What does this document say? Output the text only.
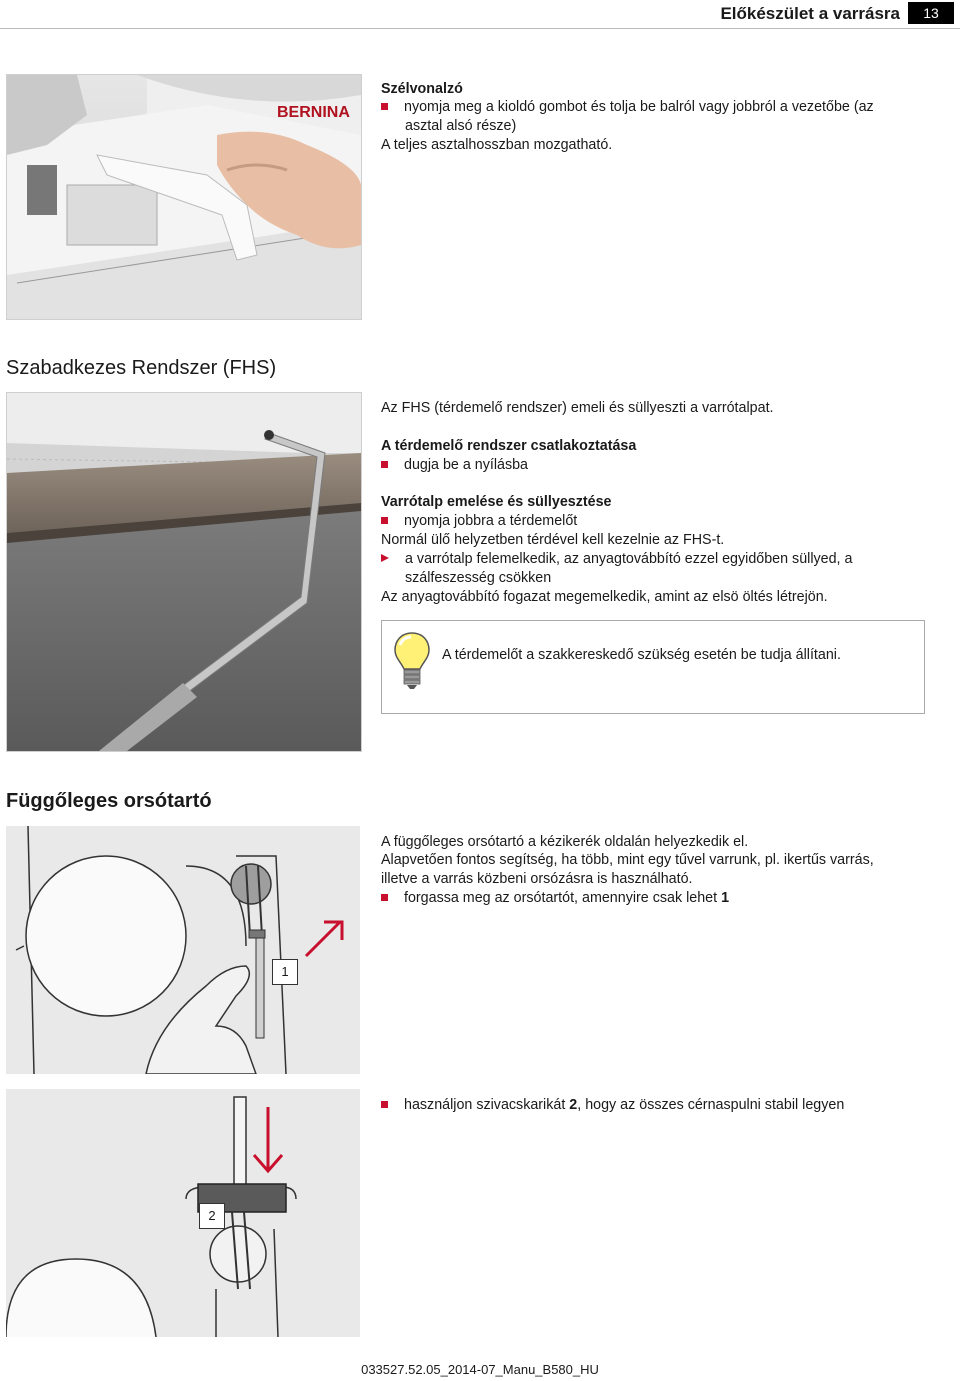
Előkészület a varrásra	13
BERNINA
Szélvonalzó
nyomja meg a kioldó gombot és tolja be balról vagy jobbról a vezetőbe (az
asztal alsó része)
A teljes asztalhosszban mozgatható.
Szabadkezes Rendszer (FHS)
Az FHS (térdemelő rendszer) emeli és süllyeszti a varrótalpat.
A térdemelő rendszer csatlakoztatása
dugja be a nyílásba
Varrótalp emelése és süllyesztése
nyomja jobbra a térdemelőt
Normál ülő helyzetben térdével kell kezelnie az FHS-t.
a varrótalp felemelkedik, az anyagtovábbító ezzel egyidőben süllyed, a
szálfeszesség csökken
Az anyagtovábbító fogazat megemelkedik, amint az elsö öltés létrejön.
A térdemelőt a szakkereskedő szükség esetén be tudja állítani.
Függőleges orsótartó
1
A függőleges orsótartó a kézikerék oldalán helyezkedik el.
Alapvetően fontos segítség, ha több, mint egy tűvel varrunk, pl. ikertűs varrás,
illetve a varrás közbeni orsózásra is használható.
forgassa meg az orsótartót, amennyire csak lehet 1
2
használjon szivacskarikát 2, hogy az összes cérnaspulni stabil legyen
033527.52.05_2014-07_Manu_B580_HU
